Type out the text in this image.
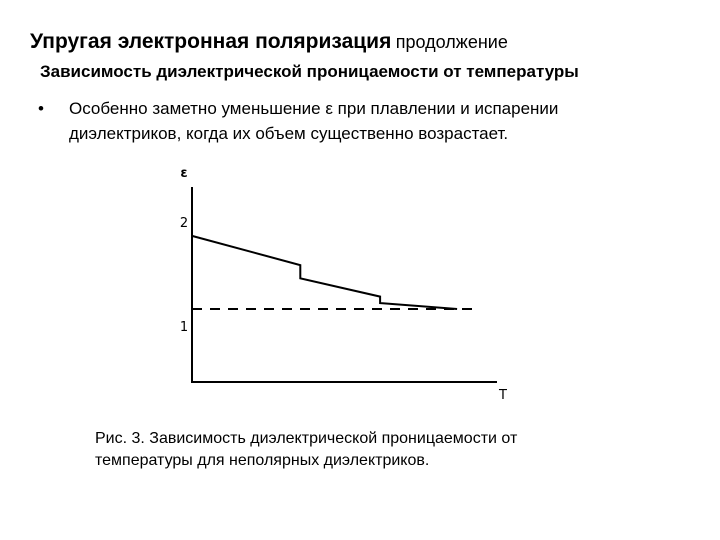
Упругая электронная поляризация продолжение
Зависимость диэлектрической проницаемости от температуры
• Особенно заметно уменьшение ε при плавлении и испарении
диэлектриков, когда их объем существенно возрастает.
ε
T
2
1
Рис. 3. Зависимость диэлектрической проницаемости от
температуры для неполярных диэлектриков.
